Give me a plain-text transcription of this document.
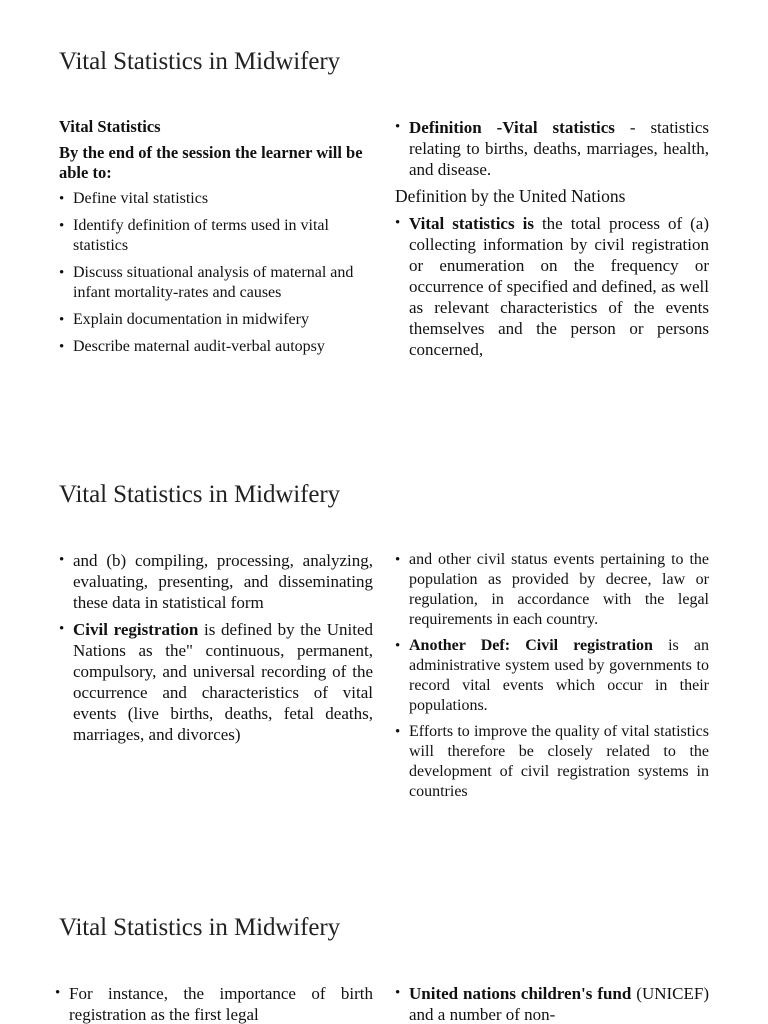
Vital Statistics in Midwifery

Vital Statistics

By the end of the session the learner will be able to:

• Define vital statistics
• Identify definition of terms used in vital statistics
• Discuss situational analysis of maternal and infant mortality-rates and causes
• Explain documentation in midwifery
• Describe maternal audit-verbal autopsy
• Definition -Vital statistics - statistics relating to births, deaths, marriages, health, and disease.

Definition by the United Nations

• Vital statistics is the total process of (a) collecting information by civil registration or enumeration on the frequency or occurrence of specified and defined, as well as relevant characteristics of the events themselves and the person or persons concerned,
Vital Statistics in Midwifery
• and (b) compiling, processing, analyzing, evaluating, presenting, and disseminating these data in statistical form
• Civil registration is defined by the United Nations as the" continuous, permanent, compulsory, and universal recording of the occurrence and characteristics of vital events (live births, deaths, fetal deaths, marriages, and divorces)
• and other civil status events pertaining to the population as provided by decree, law or regulation, in accordance with the legal requirements in each country.
• Another Def: Civil registration is an administrative system used by governments to record vital events which occur in their populations.
• Efforts to improve the quality of vital statistics will therefore be closely related to the development of civil registration systems in countries
Vital Statistics in Midwifery
• For instance, the importance of birth registration as the first legal
• United nations children's fund (UNICEF) and a number of non-
